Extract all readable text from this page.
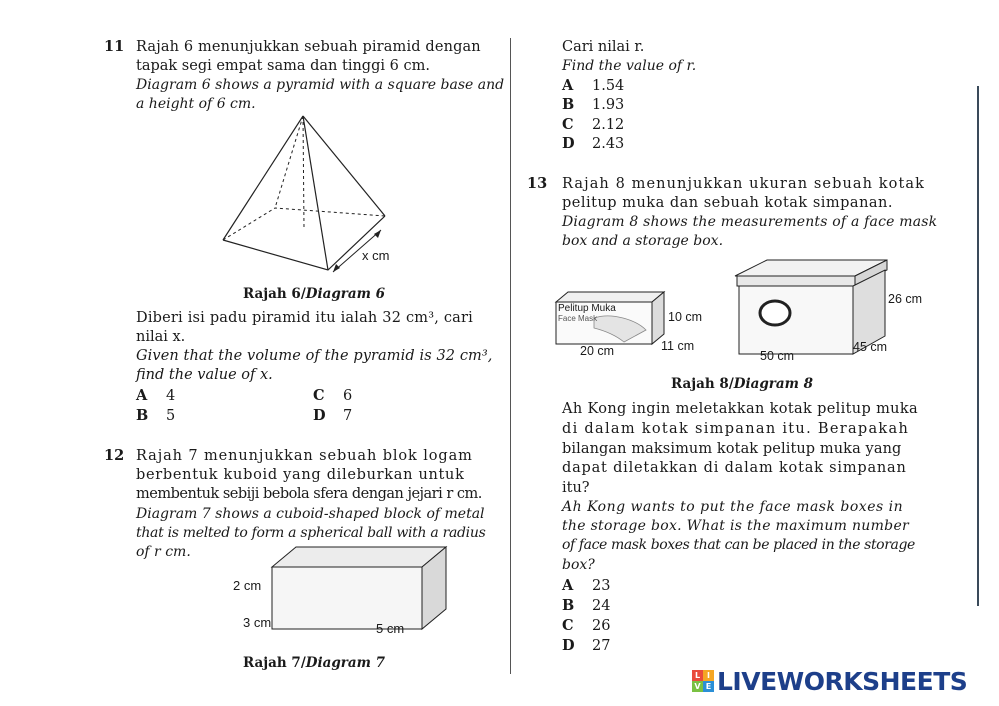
11 Rajah 6 menunjukkan sebuah piramid dengan
tapak segi empat sama dan tinggi 6 cm.
Diagram 6 shows a pyramid with a square base and
a height of 6 cm.
x cm
Rajah 6/Diagram 6
Diberi isi padu piramid itu ialah 32 cm³, cari
nilai x.
Given that the volume of the pyramid is 32 cm³,
find the value of x.
A 4
B 5
C 6
D 7
12 Rajah 7 menunjukkan sebuah blok logam
berbentuk kuboid yang dileburkan untuk
membentuk sebiji bebola sfera dengan jejari r cm.
Diagram 7 shows a cuboid-shaped block of metal
that is melted to form a spherical ball with a radius
of r cm.
2 cm
3 cm	5 cm
Rajah 7/Diagram 7
Cari nilai r.
Find the value of r.
A 1.54
B 1.93
C 2.12
D 2.43
13 Rajah 8 menunjukkan ukuran sebuah kotak
pelitup muka dan sebuah kotak simpanan.
Diagram 8 shows the measurements of a face mask
box and a storage box.
Pelitup Muka
Face Mask	10 cm
11 cm
20 cm
26 cm
45 cm
50 cm
Rajah 8/Diagram 8
Ah Kong ingin meletakkan kotak pelitup muka
di dalam kotak simpanan itu. Berapakah
bilangan maksimum kotak pelitup muka yang
dapat diletakkan di dalam kotak simpanan
itu?
Ah Kong wants to put the face mask boxes in
the storage box. What is the maximum number
of face mask boxes that can be placed in the storage
box?
A 23
B 24
C 26
D 27
L I
V E LIVEWORKSHEETS
